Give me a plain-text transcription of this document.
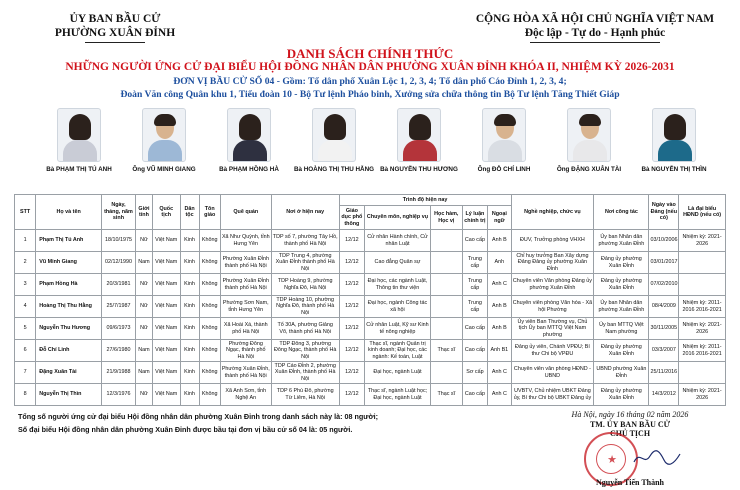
ỦY BAN BẦU CỬ
PHƯỜNG XUÂN ĐỈNH
CỘNG HÒA XÃ HỘI CHỦ NGHĨA VIỆT NAM
Độc lập - Tự do - Hạnh phúc
DANH SÁCH CHÍNH THỨC
NHỮNG NGƯỜI ỨNG CỬ ĐẠI BIỂU HỘI ĐỒNG NHÂN DÂN PHƯỜNG XUÂN ĐỈNH KHÓA II, NHIỆM KỲ 2026-2031
ĐƠN VỊ BẦU CỬ SỐ 04 - Gồm: Tổ dân phố Xuân Lộc 1, 2, 3, 4; Tổ dân phố Cáo Đỉnh 1, 2, 3, 4;
Đoàn Văn công Quân khu 1, Tiểu đoàn 10 - Bộ Tư lệnh Pháo binh, Xưởng sửa chữa thông tin Bộ Tư lệnh Tăng Thiết Giáp
Bà PHẠM THỊ TÚ ANH	Ông VŨ MINH GIANG	Bà PHẠM HỒNG HÀ	Bà HOÀNG THỊ THU HẰNG Bà NGUYỄN THU HƯƠNG	Ông ĐỖ CHÍ LINH	Ông ĐẶNG XUÂN TÀI	Bà NGUYỄN THỊ THÌN
STT	Họ và tên	Ngày, tháng, năm sinh	Giới tính	Quốc tịch	Dân tộc	Tôn giáo	Quê quán	Nơi ở hiện nay	Trình độ hiện nay					Nghề nghiệp, chức vụ	Nơi công tác	Ngày vào Đảng (nếu có)	Là đại biểu HĐND (nếu có)
									Giáo dục phổ thông	Chuyên môn, nghiệp vụ	Học hàm, Học vị	Lý luận chính trị	Ngoại ngữ				
1	Phạm Thị Tú Anh	18/10/1975	Nữ	Việt Nam	Kinh	Không	Xã Như Quỳnh, tỉnh Hưng Yên	TDP số 7, phường Tây Hồ, thành phố Hà Nội	12/12	Cử nhân Hành chính, Cử nhân Luật		Cao cấp	Anh B	ĐUV, Trưởng phòng VHXH	Ủy ban Nhân dân phường Xuân Đỉnh	03/10/2006	Nhiệm kỳ: 2021-2026
2	Vũ Minh Giang	02/12/1990	Nam	Việt Nam	Kinh	Không	Phường Xuân Đỉnh thành phố Hà Nội	TDP Trung 4, phường Xuân Đỉnh thành phố Hà Nội	12/12	Cao đẳng Quân sự		Trung cấp	Anh	Chỉ huy trưởng Ban Xây dựng Đảng Đảng ủy phường Xuân Đỉnh	Đảng ủy phường Xuân Đỉnh	03/01/2017	
3	Phạm Hồng Hà	20/3/1981	Nữ	Việt Nam	Kinh	Không	Phường Xuân Đỉnh thành phố Hà Nội	TDP Hoàng 9, phường Nghĩa Đô, Hà Nội	12/12	Đại học, các ngành Luật, Thông tin thư viện		Trung cấp	Anh C	Chuyên viên Văn phòng Đảng ủy phường Xuân Đỉnh	Đảng ủy phường Xuân Đỉnh	07/02/2010	
4	Hoàng Thị Thu Hằng	25/7/1987	Nữ	Việt Nam	Kinh	Không	Phường Sơn Nam, tỉnh Hưng Yên	TDP Hoàng 10, phường Nghĩa Đô, thành phố Hà Nội	12/12	Đại học, ngành Công tác xã hội		Trung cấp	Anh B	Chuyên viên phòng Văn hóa - Xã hội Phường	Ủy ban Nhân dân phường Xuân Đỉnh	08/4/2009	Nhiệm kỳ: 2011-2016 2016-2021
5	Nguyễn Thu Hương	09/6/1973	Nữ	Việt Nam	Kinh	Không	Xã Hoài Xá, thành phố Hà Nội	Tổ 30A, phường Giảng Võ, thành phố Hà Nội	12/12	Cử nhân Luật, Kỹ sư Kinh tế nông nghiệp		Cao cấp	Anh B	Ủy viên Ban Thường vụ, Chủ tịch Ủy ban MTTQ Việt Nam phường	Ủy ban MTTQ Việt Nam phường	30/11/2005	Nhiệm kỳ: 2021-2026
6	Đỗ Chí Linh	27/6/1980	Nam	Việt Nam	Kinh	Không	Phường Đông Ngạc, thành phố Hà Nội	TDP Đông 3, phường Đông Ngạc, thành phố Hà Nội	12/12	Thạc sĩ, ngành Quản trị kinh doanh; Đại học, các ngành: Kế toán, Luật	Thạc sĩ	Cao cấp	Anh B1	Đảng ủy viên, Chánh VPĐU; Bí thư Chi bộ VPĐU	Đảng ủy phường Xuân Đỉnh	03/3/2007	Nhiệm kỳ: 2011-2016 2016-2021
7	Đặng Xuân Tài	21/9/1988	Nam	Việt Nam	Kinh	Không	Phường Xuân Đỉnh, thành phố Hà Nội	TDP Cáo Đỉnh 2, phường Xuân Đỉnh, thành phố Hà Nội	12/12	Đại học, ngành Luật		Sơ cấp	Anh C	Chuyên viên văn phòng HĐND - UBND	UBND phường Xuân Đỉnh	25/11/2016	
8	Nguyễn Thị Thìn	12/3/1976	Nữ	Việt Nam	Kinh	Không	Xã Anh Sơn, tỉnh Nghệ An	TDP 6 Phú Đô, phường Từ Liêm, Hà Nội	12/12	Thạc sĩ, ngành Luật học; Đại học, ngành Luật	Thạc sĩ	Cao cấp	Anh C	UVBTV, Chủ nhiệm UBKT Đảng ủy, Bí thư Chi bộ UBKT Đảng ủy	Đảng ủy phường Xuân Đỉnh	14/3/2012	Nhiệm kỳ: 2021-2026
Tổng số người ứng cử đại biểu Hội đồng nhân dân phường Xuân Đỉnh trong danh sách này là: 08 người;
Số đại biểu Hội đồng nhân dân phường Xuân Đỉnh được bầu tại đơn vị bầu cử số 04 là: 05 người.
Hà Nội, ngày 16 tháng 02 năm 2026
TM. ỦY BAN BẦU CỬ
CHỦ TỊCH
★
Nguyễn Tiến Thành
